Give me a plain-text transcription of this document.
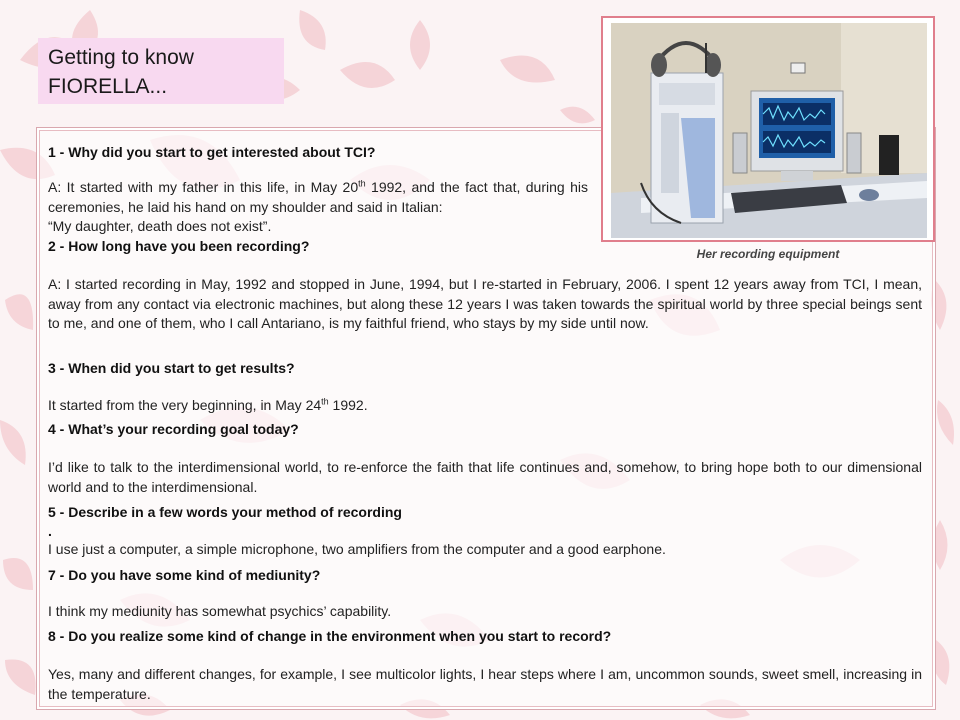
Getting to know
FIORELLA...
Her recording equipment
1 - Why did you start to get interested about TCI?
A: It started with my father in this life, in May 20th 1992, and the fact that, during his ceremonies, he laid his hand on my shoulder and said in Italian:
“My daughter, death does not exist”.
2 - How long have you been recording?
A: I started recording in May, 1992 and stopped in June, 1994, but I re-started in February, 2006. I spent 12 years away from TCI, I mean, away from any contact via electronic machines, but along these 12 years I was taken towards the spiritual world by three special beings sent to me, and one of them, who I call Antariano, is my faithful friend, who stays by my side until now.
3 - When did you start to get results?
It started from the very beginning, in May 24th 1992.
4 - What’s your recording goal today?
I’d like to talk to the interdimensional world, to re-enforce the faith that life continues and, somehow, to bring hope both to our dimensional world and to the interdimensional.
5 - Describe in a few words your method of recording
.
I use just a computer, a simple microphone, two amplifiers from the computer and a good earphone.
7 - Do you have some kind of mediunity?
I think my mediunity has somewhat psychics’ capability.
8 - Do you realize some kind of change in the environment when you start to record?
Yes, many and different changes, for example, I see multicolor lights, I hear steps where I am, uncommon sounds, sweet smell, increasing in the temperature.
